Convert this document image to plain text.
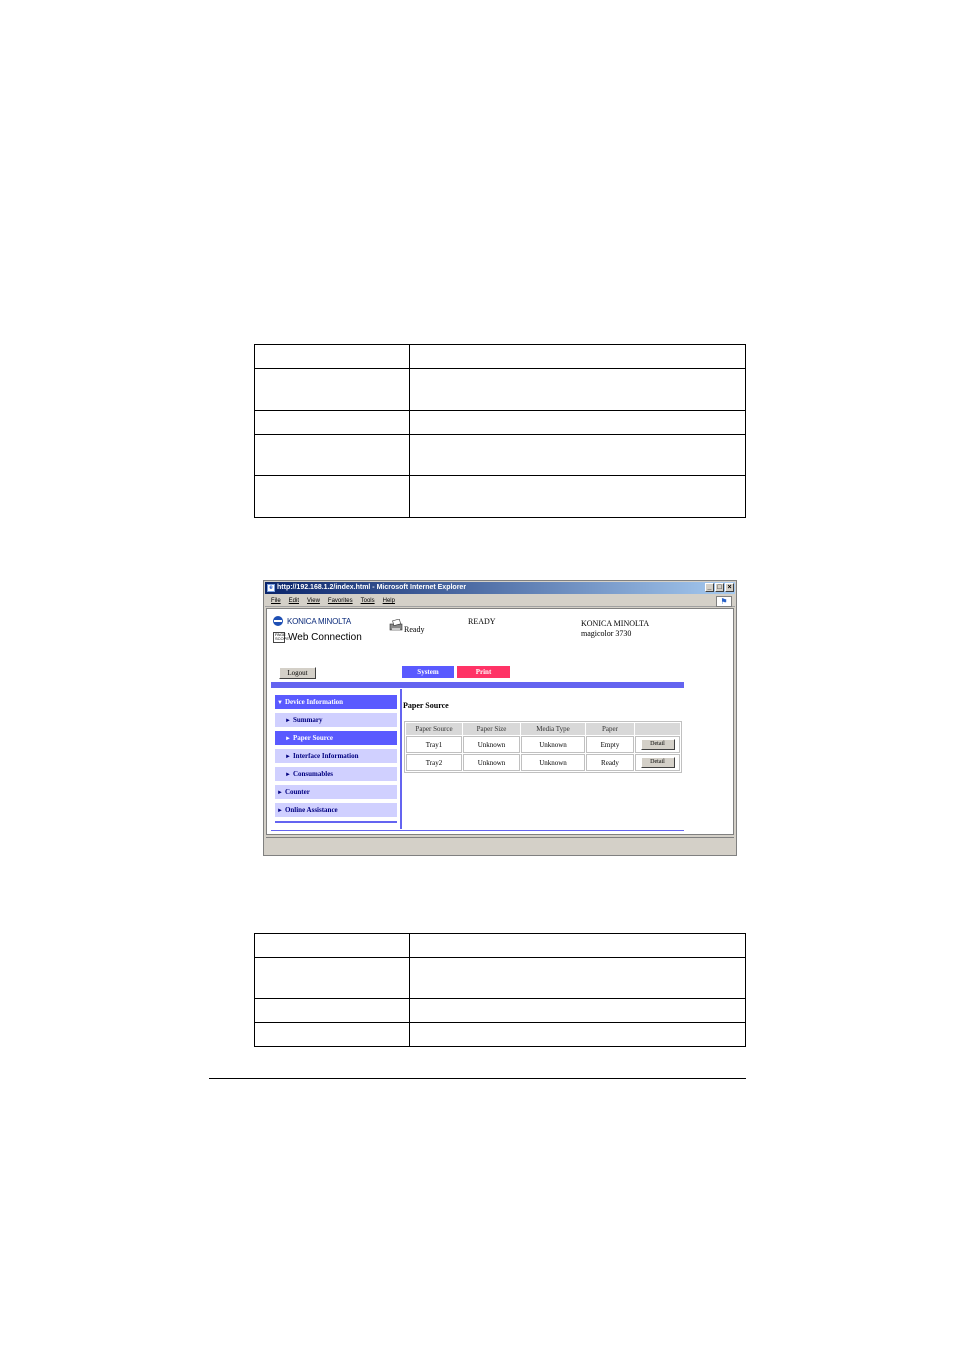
e http://192.168.1.2/index.html - Microsoft Internet Explorer	_ □ ×
File Edit View Favorites Tools Help	⚑
KONICA MINOLTA
PAGE SCOPE
Web Connection
Ready
READY	KONICA MINOLTA
magicolor 3730
Logout	System	Print
▼ Device Information
► Summary
► Paper Source
► Interface Information
► Consumables
► Counter
► Online Assistance
Paper Source
Paper Source	Paper Size	Media Type	Paper	
Tray1	Unknown	Unknown	Empty	Detail

Tray2	Unknown	Unknown	Ready	Detail
